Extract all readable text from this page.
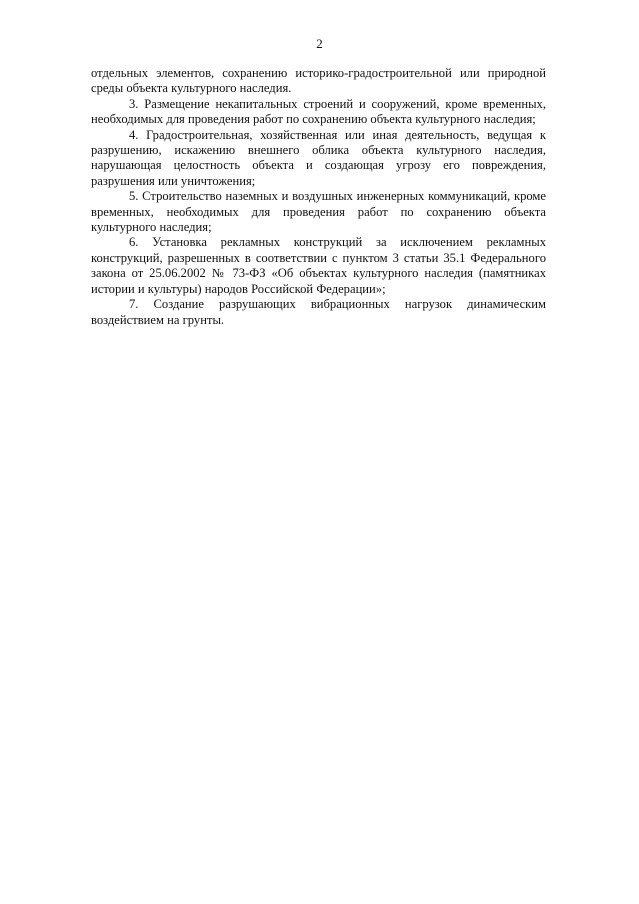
2

отдельных элементов, сохранению историко-градостроительной или природной среды объекта культурного наследия.

3. Размещение некапитальных строений и сооружений, кроме временных, необходимых для проведения работ по сохранению объекта культурного наследия;

4. Градостроительная, хозяйственная или иная деятельность, ведущая к разрушению, искажению внешнего облика объекта культурного наследия, нарушающая целостность объекта и создающая угрозу его повреждения, разрушения или уничтожения;

5. Строительство наземных и воздушных инженерных коммуникаций, кроме временных, необходимых для проведения работ по сохранению объекта культурного наследия;

6. Установка рекламных конструкций за исключением рекламных конструкций, разрешенных в соответствии с пунктом 3 статьи 35.1 Федерального закона от 25.06.2002 № 73-ФЗ «Об объектах культурного наследия (памятниках истории и культуры) народов Российской Федерации»;

7. Создание разрушающих вибрационных нагрузок динамическим воздействием на грунты.
